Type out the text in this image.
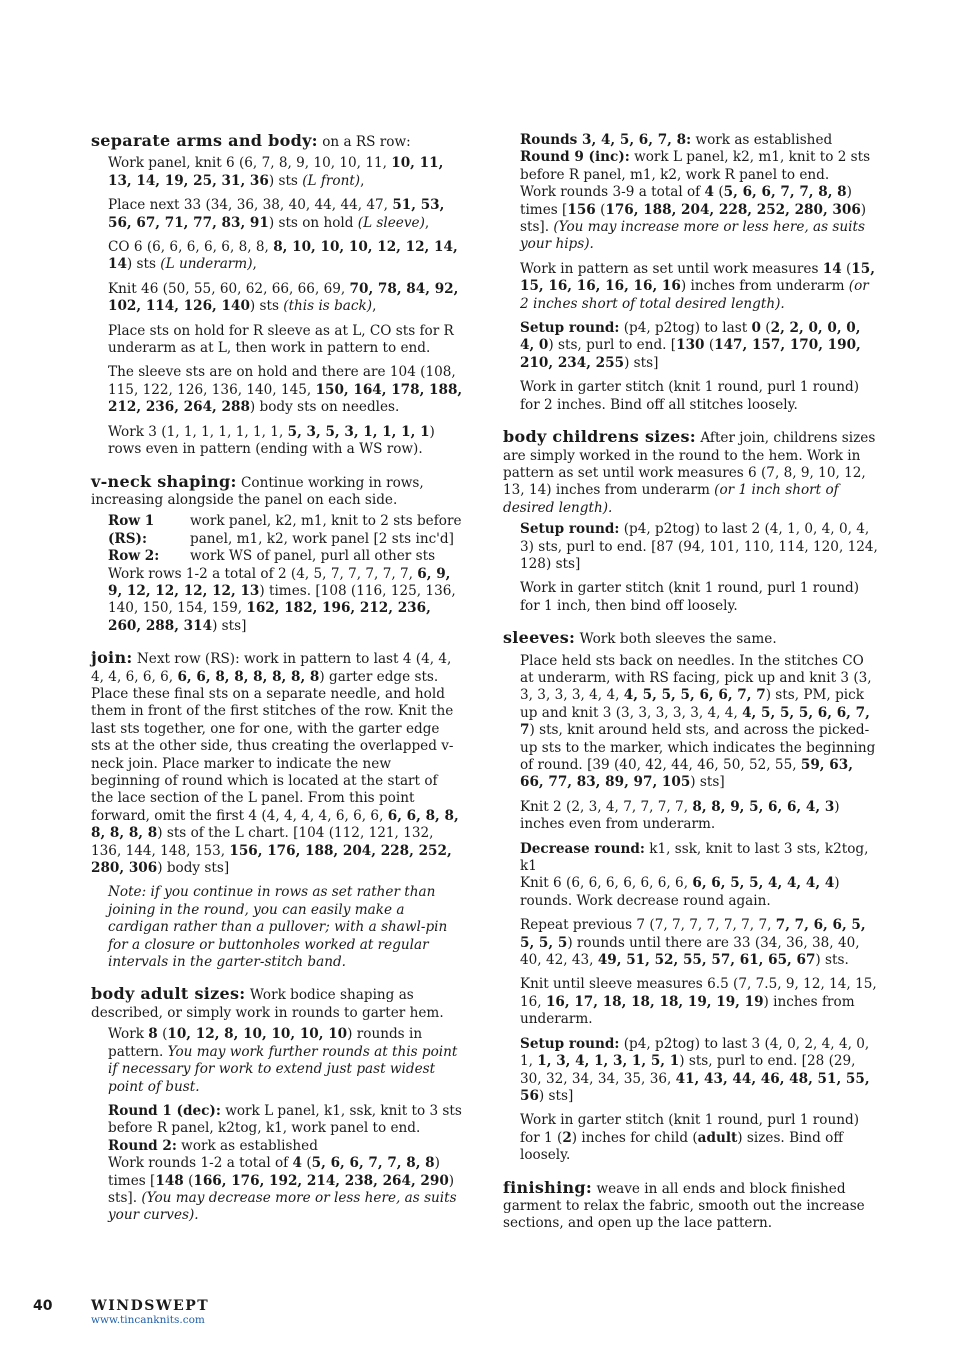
separate arms and body: on a RS row:
Work panel, knit 6 (6, 7, 8, 9, 10, 10, 11, 10, 11, 13, 14, 19, 25, 31, 36) sts (L front),
Place next 33 (34, 36, 38, 40, 44, 44, 47, 51, 53, 56, 67, 71, 77, 83, 91) sts on hold (L sleeve),
CO 6 (6, 6, 6, 6, 6, 8, 8, 8, 10, 10, 10, 12, 12, 14, 14) sts (L underarm),
Knit 46 (50, 55, 60, 62, 66, 66, 69, 70, 78, 84, 92, 102, 114, 126, 140) sts (this is back),
Place sts on hold for R sleeve as at L, CO sts for R underarm as at L, then work in pattern to end.
The sleeve sts are on hold and there are 104 (108, 115, 122, 126, 136, 140, 145, 150, 164, 178, 188, 212, 236, 264, 288) body sts on needles.
Work 3 (1, 1, 1, 1, 1, 1, 1, 5, 3, 5, 3, 1, 1, 1, 1) rows even in pattern (ending with a WS row).
v-neck shaping: Continue working in rows, increasing alongside the panel on each side.
Row 1 (RS):
work panel, k2, m1, knit to 2 sts before panel, m1, k2, work panel [2 sts inc'd]
Row 2:	work WS of panel, purl all other sts
Work rows 1-2 a total of 2 (4, 5, 7, 7, 7, 7, 7, 6, 9, 9, 12, 12, 12, 12, 13) times. [108 (116, 125, 136, 140, 150, 154, 159, 162, 182, 196, 212, 236, 260, 288, 314) sts]
join: Next row (RS): work in pattern to last 4 (4, 4, 4, 4, 6, 6, 6, 6, 6, 8, 8, 8, 8, 8, 8) garter edge sts. Place these final sts on a separate needle, and hold them in front of the first stitches of the row. Knit the last sts together, one for one, with the garter edge sts at the other side, thus creating the overlapped v-neck join. Place marker to indicate the new beginning of round which is located at the start of the lace section of the L panel. From this point forward, omit the first 4 (4, 4, 4, 4, 6, 6, 6, 6, 6, 8, 8, 8, 8, 8, 8) sts of the L chart. [104 (112, 121, 132, 136, 144, 148, 153, 156, 176, 188, 204, 228, 252, 280, 306) body sts]
Note: if you continue in rows as set rather than joining in the round, you can easily make a cardigan rather than a pullover; with a shawl-pin for a closure or buttonholes worked at regular intervals in the garter-stitch band.
body adult sizes: Work bodice shaping as described, or simply work in rounds to garter hem.
Work 8 (10, 12, 8, 10, 10, 10, 10) rounds in pattern. You may work further rounds at this point if necessary for work to extend just past widest point of bust.
Round 1 (dec): work L panel, k1, ssk, knit to 3 sts before R panel, k2tog, k1, work panel to end.
Round 2: work as established
Work rounds 1-2 a total of 4 (5, 6, 6, 7, 7, 8, 8) times [148 (166, 176, 192, 214, 238, 264, 290) sts]. (You may decrease more or less here, as suits your curves).
Rounds 3, 4, 5, 6, 7, 8: work as established
Round 9 (inc): work L panel, k2, m1, knit to 2 sts before R panel, m1, k2, work R panel to end.
Work rounds 3-9 a total of 4 (5, 6, 6, 7, 7, 8, 8) times [156 (176, 188, 204, 228, 252, 280, 306) sts]. (You may increase more or less here, as suits your hips).
Work in pattern as set until work measures 14 (15, 15, 16, 16, 16, 16, 16) inches from underarm (or 2 inches short of total desired length).
Setup round: (p4, p2tog) to last 0 (2, 2, 0, 0, 0, 4, 0) sts, purl to end. [130 (147, 157, 170, 190, 210, 234, 255) sts]
Work in garter stitch (knit 1 round, purl 1 round) for 2 inches. Bind off all stitches loosely.
body childrens sizes: After join, childrens sizes are simply worked in the round to the hem. Work in pattern as set until work measures 6 (7, 8, 9, 10, 12, 13, 14) inches from underarm (or 1 inch short of desired length).
Setup round: (p4, p2tog) to last 2 (4, 1, 0, 4, 0, 4, 3) sts, purl to end. [87 (94, 101, 110, 114, 120, 124, 128) sts]
Work in garter stitch (knit 1 round, purl 1 round) for 1 inch, then bind off loosely.
sleeves: Work both sleeves the same.
Place held sts back on needles. In the stitches CO at underarm, with RS facing, pick up and knit 3 (3, 3, 3, 3, 3, 4, 4, 4, 5, 5, 5, 6, 6, 7, 7) sts, PM, pick up and knit 3 (3, 3, 3, 3, 3, 4, 4, 4, 5, 5, 5, 6, 6, 7, 7) sts, knit around held sts, and across the picked-up sts to the marker, which indicates the beginning of round. [39 (40, 42, 44, 46, 50, 52, 55, 59, 63, 66, 77, 83, 89, 97, 105) sts]
Knit 2 (2, 3, 4, 7, 7, 7, 7, 8, 8, 9, 5, 6, 6, 4, 3) inches even from underarm.
Decrease round: k1, ssk, knit to last 3 sts, k2tog, k1
Knit 6 (6, 6, 6, 6, 6, 6, 6, 6, 6, 5, 5, 4, 4, 4, 4) rounds. Work decrease round again.
Repeat previous 7 (7, 7, 7, 7, 7, 7, 7, 7, 7, 6, 6, 5, 5, 5, 5) rounds until there are 33 (34, 36, 38, 40, 40, 42, 43, 49, 51, 52, 55, 57, 61, 65, 67) sts.
Knit until sleeve measures 6.5 (7, 7.5, 9, 12, 14, 15, 16, 16, 17, 18, 18, 18, 19, 19, 19) inches from underarm.
Setup round: (p4, p2tog) to last 3 (4, 0, 2, 4, 4, 0, 1, 1, 3, 4, 1, 3, 1, 5, 1) sts, purl to end. [28 (29, 30, 32, 34, 34, 35, 36, 41, 43, 44, 46, 48, 51, 55, 56) sts]
Work in garter stitch (knit 1 round, purl 1 round) for 1 (2) inches for child (adult) sizes. Bind off loosely.
finishing: weave in all ends and block finished garment to relax the fabric, smooth out the increase sections, and open up the lace pattern.
40	WINDSWEPT
www.tincanknits.com
